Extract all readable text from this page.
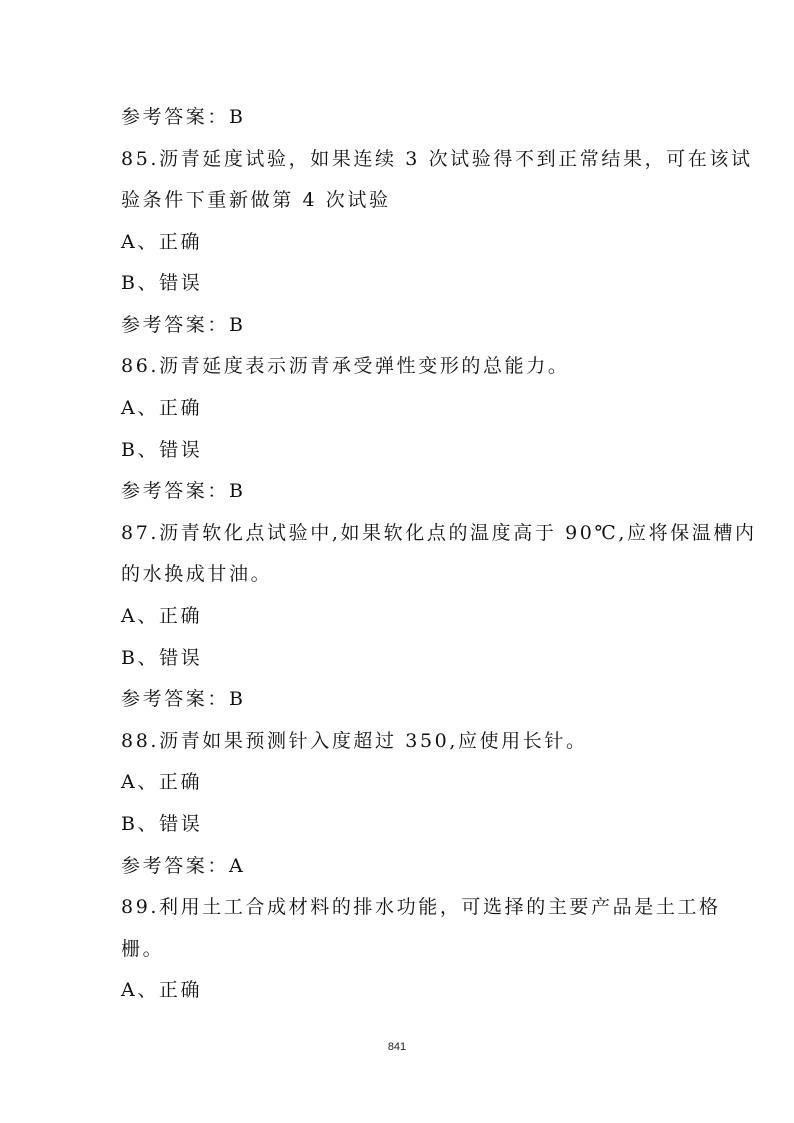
参考答案：B
85.沥青延度试验，如果连续 3 次试验得不到正常结果，可在该试
验条件下重新做第 4 次试验
A、正确
B、错误
参考答案：B
86.沥青延度表示沥青承受弹性变形的总能力。
A、正确
B、错误
参考答案：B
87.沥青软化点试验中,如果软化点的温度高于 90℃,应将保温槽内
的水换成甘油。
A、正确
B、错误
参考答案：B
88.沥青如果预测针入度超过 350,应使用长针。
A、正确
B、错误
参考答案：A
89.利用土工合成材料的排水功能，可选择的主要产品是土工格
栅。
A、正确
841
